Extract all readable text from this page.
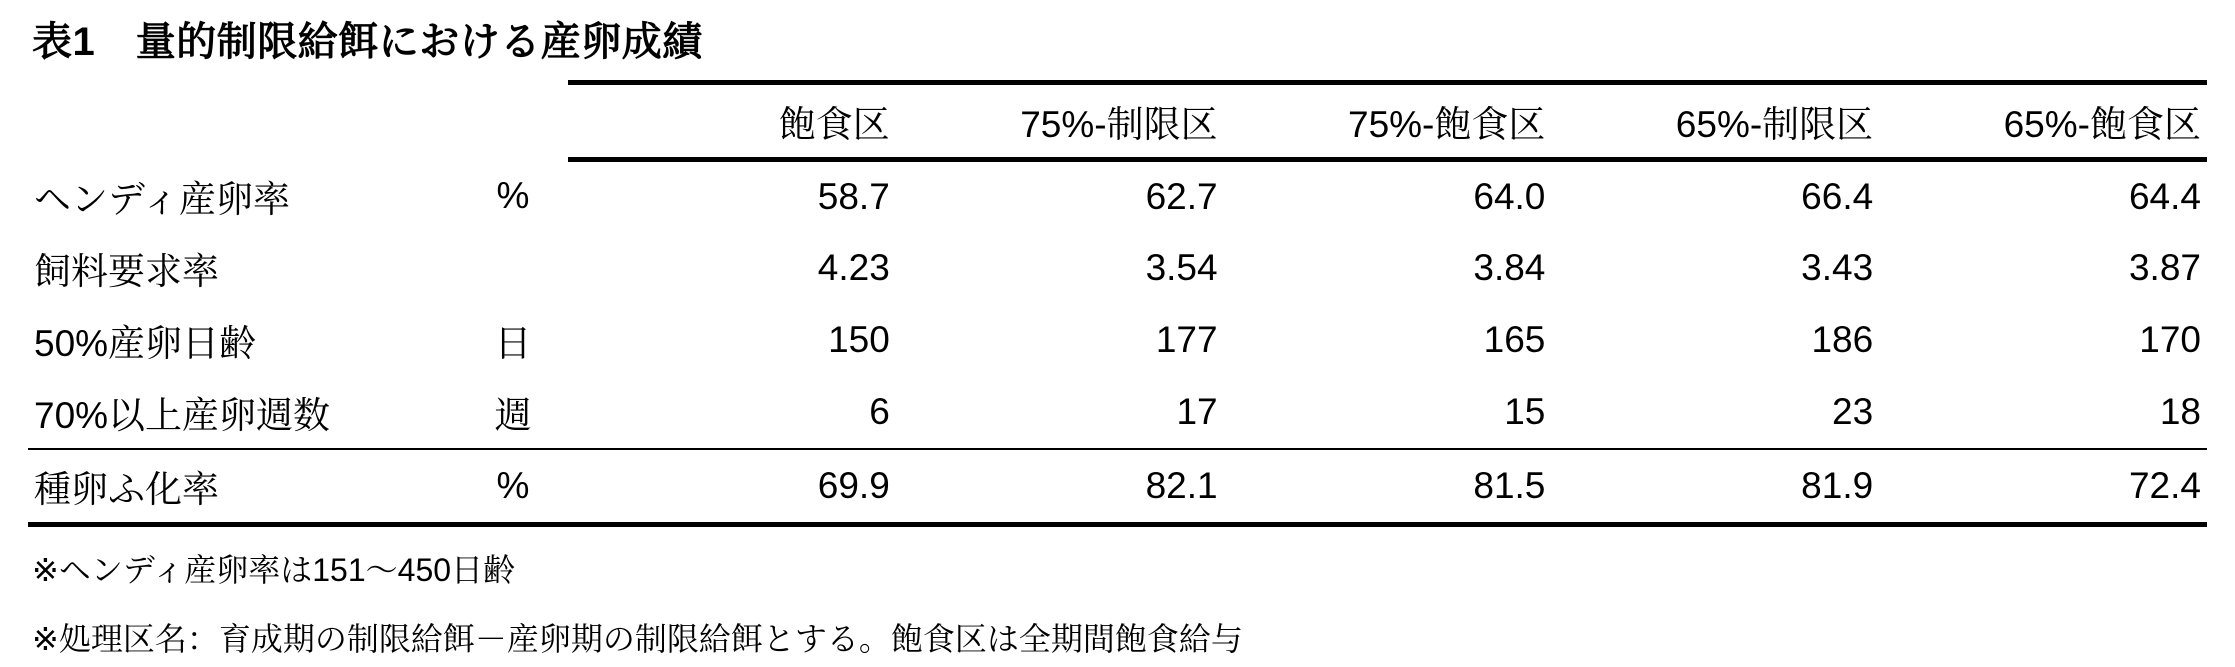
表1　量的制限給餌における産卵成績
		飽食区	75%-制限区	75%-飽食区	65%-制限区	65%-飽食区
ヘンディ産卵率	%	58.7	62.7	64.0	66.4	64.4
飼料要求率		4.23	3.54	3.84	3.43	3.87
50%産卵日齢	日	150	177	165	186	170
70%以上産卵週数	週	6	17	15	23	18
種卵ふ化率	%	69.9	82.1	81.5	81.9	72.4
※ヘンディ産卵率は151〜450日齢
※処理区名：育成期の制限給餌－産卵期の制限給餌とする。飽食区は全期間飽食給与
